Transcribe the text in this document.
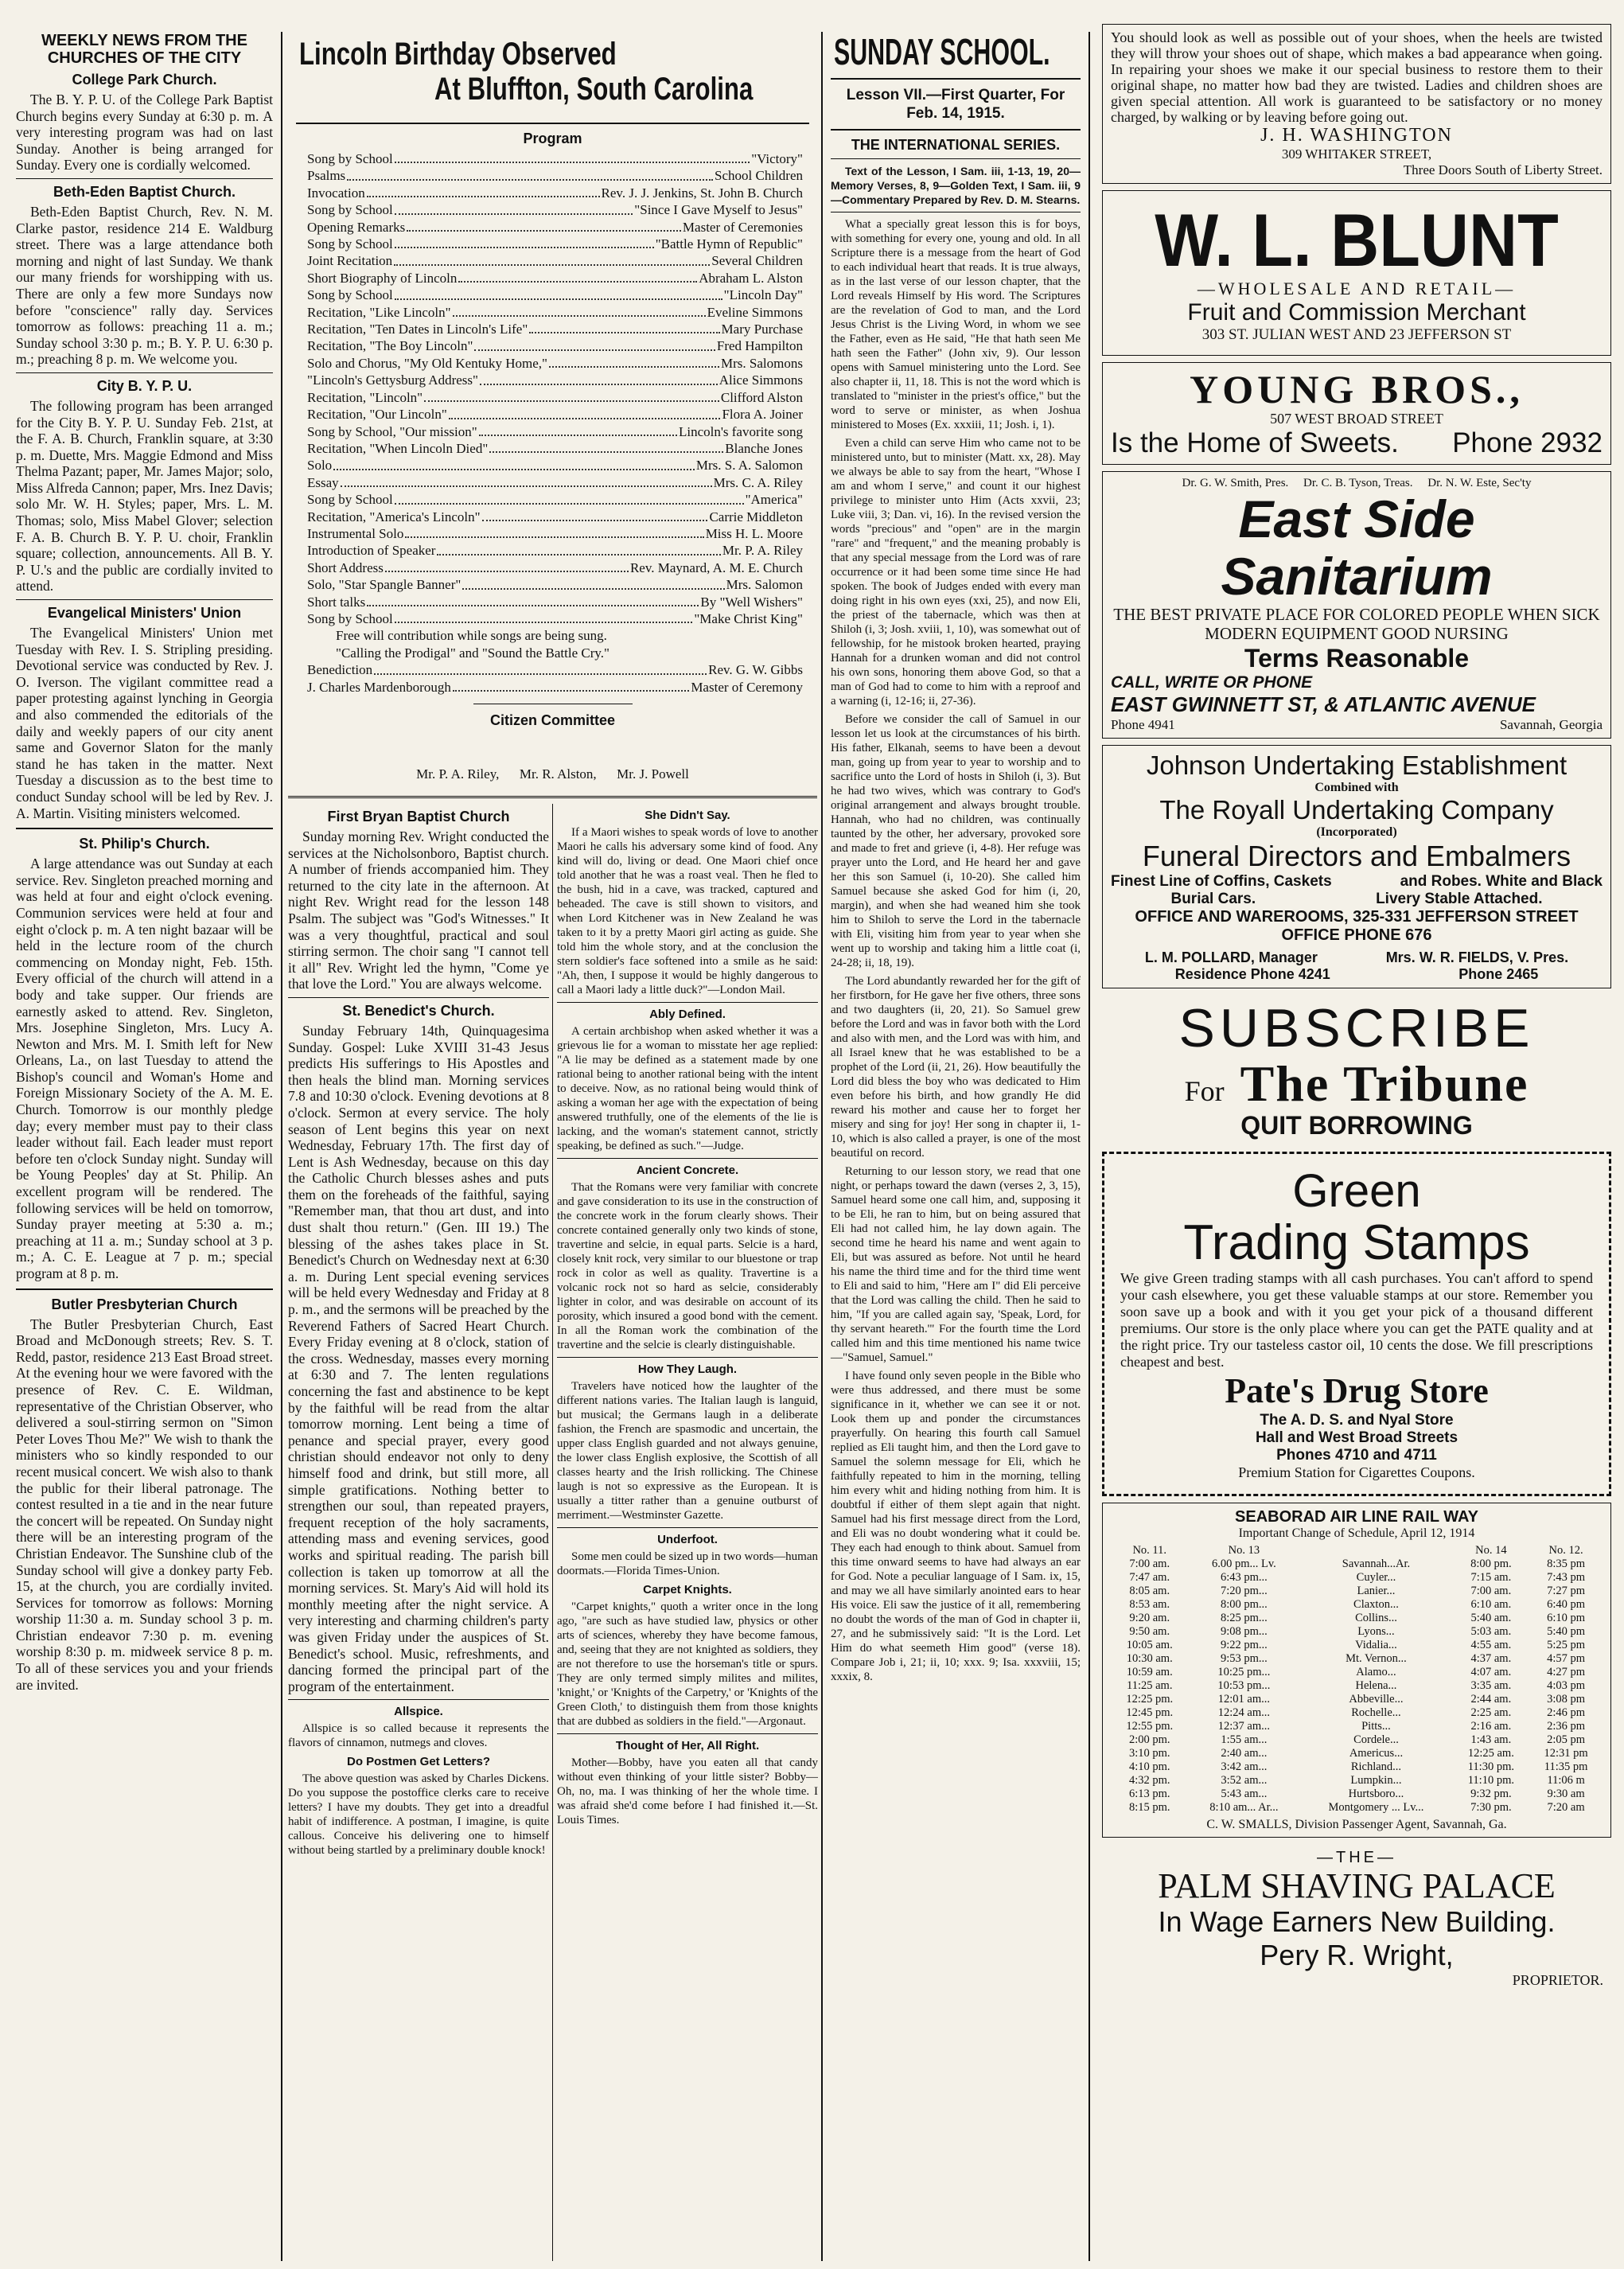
WEEKLY NEWS FROM THE
CHURCHES OF THE CITY
College Park Church.

The B. Y. P. U. of the College Park Baptist Church begins every Sunday at 6:30 p. m. A very interesting program was had on last Sunday. Another is being arranged for Sunday. Every one is cordially welcomed.

Beth-Eden Baptist Church.

Beth-Eden Baptist Church, Rev. N. M. Clarke pastor, residence 214 E. Waldburg street. There was a large attendance both morning and night of last Sunday. We thank our many friends for worshipping with us. There are only a few more Sundays now before "conscience" rally day. Services tomorrow as follows: preaching 11 a. m.; Sunday school 3:30 p. m.; B. Y. P. U. 6:30 p. m.; preaching 8 p. m. We welcome you.

City B. Y. P. U.

The following program has been arranged for the City B. Y. P. U. Sunday Feb. 21st, at the F. A. B. Church, Franklin square, at 3:30 p. m. Duette, Mrs. Maggie Edmond and Miss Thelma Pazant; paper, Mr. James Major; solo, Miss Alfreda Cannon; paper, Mrs. Inez Davis; solo Mr. W. H. Styles; paper, Mrs. L. M. Thomas; solo, Miss Mabel Glover; selection F. A. B. Church B. Y. P. U. choir, Franklin square; collection, announcements. All B. Y. P. U.'s and the public are cordially invited to attend.

Evangelical Ministers' Union

The Evangelical Ministers' Union met Tuesday with Rev. I. S. Stripling presiding. Devotional service was conducted by Rev. J. O. Iverson. The vigilant committee read a paper protesting against lynching in Georgia and also commended the editorials of the daily and weekly papers of our city anent same and Governor Slaton for the manly stand he has taken in the matter. Next Tuesday a discussion as to the best time to conduct Sunday school will be led by Rev. J. A. Martin. Visiting ministers welcomed.

St. Philip's Church.

A large attendance was out Sunday at each service. Rev. Singleton preached morning and was held at four and eight o'clock evening. Communion services were held at four and eight o'clock p. m. A ten night bazaar will be held in the lecture room of the church commencing on Monday night, Feb. 15th. Every official of the church will attend in a body and take supper. Our friends are earnestly asked to attend. Rev. Singleton, Mrs. Josephine Singleton, Mrs. Lucy A. Newton and Mrs. M. I. Smith left for New Orleans, La., on last Tuesday to attend the Bishop's council and Woman's Home and Foreign Missionary Society of the A. M. E. Church. Tomorrow is our monthly pledge day; every member must pay to their class leader without fail. Each leader must report before ten o'clock Sunday night. Sunday will be Young Peoples' day at St. Philip. An excellent program will be rendered. The following services will be held on tomorrow, Sunday prayer meeting at 5:30 a. m.; preaching at 11 a. m.; Sunday school at 3 p. m.; A. C. E. League at 7 p. m.; special program at 8 p. m.

Butler Presbyterian Church

The Butler Presbyterian Church, East Broad and McDonough streets; Rev. S. T. Redd, pastor, residence 213 East Broad street. At the evening hour we were favored with the presence of Rev. C. E. Wildman, representative of the Christian Observer, who delivered a soul-stirring sermon on "Simon Peter Loves Thou Me?" We wish to thank the ministers who so kindly responded to our recent musical concert. We wish also to thank the public for their liberal patronage. The contest resulted in a tie and in the near future the concert will be repeated. On Sunday night there will be an interesting program of the Christian Endeavor. The Sunshine club of the Sunday school will give a donkey party Feb. 15, at the church, you are cordially invited. Services for tomorrow as follows: Morning worship 11:30 a. m. Sunday school 3 p. m. Christian endeavor 7:30 p. m. evening worship 8:30 p. m. midweek service 8 p. m. To all of these services you and your friends are invited.

Lincoln Birthday Observed
At Bluffton, South Carolina
Program
Song by School	"Victory"
Psalms	School Children
Invocation	Rev. J. J. Jenkins, St. John B. Church
Song by School	"Since I Gave Myself to Jesus"
Opening Remarks	Master of Ceremonies
Song by School	"Battle Hymn of Republic"
Joint Recitation	Several Children
Short Biography of Lincoln	Abraham L. Alston
Song by School	"Lincoln Day"
Recitation, "Like Lincoln"	Eveline Simmons
Recitation, "Ten Dates in Lincoln's Life"	Mary Purchase
Recitation, "The Boy Lincoln"	Fred Hampilton
Solo and Chorus, "My Old Kentuky Home,"	Mrs. Salomons
"Lincoln's Gettysburg Address"	Alice Simmons
Recitation, "Lincoln"	Clifford Alston
Recitation, "Our Lincoln"	Flora A. Joiner
Song by School, "Our mission"	Lincoln's favorite song
Recitation, "When Lincoln Died"	Blanche Jones
Solo	Mrs. S. A. Salomon
Essay	Mrs. C. A. Riley
Song by School	"America"
Recitation, "America's Lincoln"	Carrie Middleton
Instrumental Solo	Miss H. L. Moore
Introduction of Speaker	Mr. P. A. Riley
Short Address	Rev. Maynard, A. M. E. Church
Solo, "Star Spangle Banner"	Mrs. Salomon
Short talks	By "Well Wishers"
Song by School	"Make Christ King"
Free will contribution while songs are being sung.
"Calling the Prodigal" and "Sound the Battle Cry."
Benediction	Rev. G. W. Gibbs
J. Charles Mardenborough	Master of Ceremony
Citizen Committee

Mr. P. A. Riley,      Mr. R. Alston,      Mr. J. Powell

First Bryan Baptist Church

Sunday morning Rev. Wright conducted the services at the Nicholsonboro, Baptist church. A number of friends accompanied him. They returned to the city late in the afternoon. At night Rev. Wright read for the lesson 148 Psalm. The subject was "God's Witnesses." It was a very thoughtful, practical and soul stirring sermon. The choir sang "I cannot tell it all" Rev. Wright led the hymn, "Come ye that love the Lord." You are always welcome.

St. Benedict's Church.

Sunday February 14th, Quinquagesima Sunday. Gospel: Luke XVIII 31-43 Jesus predicts His sufferings to His Apostles and then heals the blind man. Morning services 7.8 and 10:30 o'clock. Evening devotions at 8 o'clock. Sermon at every service. The holy season of Lent begins this year on next Wednesday, February 17th. The first day of Lent is Ash Wednesday, because on this day the Catholic Church blesses ashes and puts them on the foreheads of the faithful, saying "Remember man, that thou art dust, and into dust shalt thou return." (Gen. III 19.) The blessing of the ashes takes place in St. Benedict's Church on Wednesday next at 6:30 a. m. During Lent special evening services will be held every Wednesday and Friday at 8 p. m., and the sermons will be preached by the Reverend Fathers of Sacred Heart Church. Every Friday evening at 8 o'clock, station of the cross. Wednesday, masses every morning at 6:30 and 7. The lenten regulations concerning the fast and abstinence to be kept by the faithful will be read from the altar tomorrow morning. Lent being a time of penance and special prayer, every good christian should endeavor not only to deny himself food and drink, but still more, all simple gratifications. Nothing better to strengthen our soul, than repeated prayers, frequent reception of the holy sacraments, attending mass and evening services, good works and spiritual reading. The parish bill collection is taken up tomorrow at all the morning services. St. Mary's Aid will hold its monthly meeting after the night service. A very interesting and charming children's party was given Friday under the auspices of St. Benedict's school. Music, refreshments, and dancing formed the principal part of the program of the entertainment.

Allspice.

Allspice is so called because it represents the flavors of cinnamon, nutmegs and cloves.

Do Postmen Get Letters?

The above question was asked by Charles Dickens. Do you suppose the postoffice clerks care to receive letters? I have my doubts. They get into a dreadful habit of indifference. A postman, I imagine, is quite callous. Conceive his delivering one to himself without being startled by a preliminary double knock!

She Didn't Say.

If a Maori wishes to speak words of love to another Maori he calls his adversary some kind of food. Any kind will do, living or dead. One Maori chief once told another that he was a roast veal. Then he fled to the bush, hid in a cave, was tracked, captured and beheaded. The cave is still shown to visitors, and when Lord Kitchener was in New Zealand he was taken to it by a pretty Maori girl acting as guide. She told him the whole story, and at the conclusion the stern soldier's face softened into a smile as he said: "Ah, then, I suppose it would be highly dangerous to call a Maori lady a little duck?"—London Mail.

Ably Defined.

A certain archbishop when asked whether it was a grievous lie for a woman to misstate her age replied: "A lie may be defined as a statement made by one rational being to another rational being with the intent to deceive. Now, as no rational being would think of asking a woman her age with the expectation of being answered truthfully, one of the elements of the lie is lacking, and the woman's statement cannot, strictly speaking, be defined as such."—Judge.

Ancient Concrete.

That the Romans were very familiar with concrete and gave consideration to its use in the construction of the concrete work in the forum clearly shows. Their concrete contained generally only two kinds of stone, travertine and selcie, in equal parts. Selcie is a hard, closely knit rock, very similar to our bluestone or trap rock in color as well as quality. Travertine is a volcanic rock not so hard as selcie, considerably lighter in color, and was desirable on account of its porosity, which insured a good bond with the cement. In all the Roman work the combination of the travertine and the selcie is clearly distinguishable.

How They Laugh.

Travelers have noticed how the laughter of the different nations varies. The Italian laugh is languid, but musical; the Germans laugh in a deliberate fashion, the French are spasmodic and uncertain, the upper class English guarded and not always genuine, the lower class English explosive, the Scottish of all classes hearty and the Irish rollicking. The Chinese laugh is not so expressive as the European. It is usually a titter rather than a genuine outburst of merriment.—Westminster Gazette.

Underfoot.

Some men could be sized up in two words—human doormats.—Florida Times-Union.

Carpet Knights.

"Carpet knights," quoth a writer once in the long ago, "are such as have studied law, physics or other arts of sciences, whereby they have become famous, and, seeing that they are not knighted as soldiers, they are not therefore to use the horseman's title or spurs. They are only termed simply milites and milites, 'knight,' or 'Knights of the Carpetry,' or 'Knights of the Green Cloth,' to distinguish them from those knights that are dubbed as soldiers in the field."—Argonaut.

Thought of Her, All Right.

Mother—Bobby, have you eaten all that candy without even thinking of your little sister? Bobby—Oh, no, ma. I was thinking of her the whole time. I was afraid she'd come before I had finished it.—St. Louis Times.

SUNDAY SCHOOL.
Lesson VII.—First Quarter, For
Feb. 14, 1915.
THE INTERNATIONAL SERIES.

Text of the Lesson, I Sam. iii, 1-13, 19, 20—Memory Verses, 8, 9—Golden Text, I Sam. iii, 9—Commentary Prepared by Rev. D. M. Stearns.

What a specially great lesson this is for boys, with something for every one, young and old. In all Scripture there is a message from the heart of God to each individual heart that reads. It is true always, as in the last verse of our lesson chapter, that the Lord reveals Himself by His word. The Scriptures are the revelation of God to man, and the Lord Jesus Christ is the Living Word, in whom we see the Father, even as He said, "He that hath seen Me hath seen the Father" (John xiv, 9). Our lesson opens with Samuel ministering unto the Lord. See also chapter ii, 11, 18. This is not the word which is translated to "minister in the priest's office," but the word to serve or minister, as when Joshua ministered to Moses (Ex. xxxiii, 11; Josh. i, 1).

Even a child can serve Him who came not to be ministered unto, but to minister (Matt. xx, 28). May we always be able to say from the heart, "Whose I am and whom I serve," and count it our highest privilege to minister unto Him (Acts xxvii, 23; Luke viii, 3; Dan. vi, 16). In the revised version the words "precious" and "open" are in the margin "rare" and "frequent," and the meaning probably is that any special message from the Lord was of rare occurrence or it had been some time since He had spoken. The book of Judges ended with every man doing right in his own eyes (xxi, 25), and now Eli, the priest of the tabernacle, which was then at Shiloh (i, 3; Josh. xviii, 1, 10), was somewhat out of fellowship, for he mistook broken hearted, praying Hannah for a drunken woman and did not control his own sons, honoring them above God, so that a man of God had to come to him with a reproof and a warning (i, 12-16; ii, 27-36).

Before we consider the call of Samuel in our lesson let us look at the circumstances of his birth. His father, Elkanah, seems to have been a devout man, going up from year to year to worship and to sacrifice unto the Lord of hosts in Shiloh (i, 3). But he had two wives, which was contrary to God's original arrangement and always brought trouble. Hannah, who had no children, was continually taunted by the other, her adversary, provoked sore and made to fret and grieve (i, 4-8). Her refuge was prayer unto the Lord, and He heard her and gave her this son Samuel (i, 10-20). She called him Samuel because she asked God for him (i, 20, margin), and when she had weaned him she took him to Shiloh to serve the Lord in the tabernacle with Eli, visiting him from year to year when she went up to worship and taking him a little coat (i, 24-28; ii, 18, 19).

The Lord abundantly rewarded her for the gift of her firstborn, for He gave her five others, three sons and two daughters (ii, 20, 21). So Samuel grew before the Lord and was in favor both with the Lord and also with men, and the Lord was with him, and all Israel knew that he was established to be a prophet of the Lord (ii, 21, 26). How beautifully the Lord did bless the boy who was dedicated to Him even before his birth, and how grandly He did reward his mother and cause her to forget her misery and sing for joy! Her song in chapter ii, 1-10, which is also called a prayer, is one of the most beautiful on record.

Returning to our lesson story, we read that one night, or perhaps toward the dawn (verses 2, 3, 15), Samuel heard some one call him, and, supposing it to be Eli, he ran to him, but on being assured that Eli had not called him, he lay down again. The second time he heard his name and went again to Eli, but was assured as before. Not until he heard his name the third time and for the third time went to Eli and said to him, "Here am I" did Eli perceive that the Lord was calling the child. Then he said to him, "If you are called again say, 'Speak, Lord, for thy servant heareth.'" For the fourth time the Lord called him and this time mentioned his name twice—"Samuel, Samuel."

I have found only seven people in the Bible who were thus addressed, and there must be some significance in it, whether we can see it or not. Look them up and ponder the circumstances prayerfully. On hearing this fourth call Samuel replied as Eli taught him, and then the Lord gave to Samuel the solemn message for Eli, which he faithfully repeated to him in the morning, telling him every whit and hiding nothing from him. It is doubtful if either of them slept again that night. Samuel had his first message direct from the Lord, and Eli was no doubt wondering what it could be. They each had enough to think about. Samuel from this time onward seems to have had always an ear for God. Note a peculiar language of I Sam. ix, 15, and may we all have similarly anointed ears to hear His voice. Eli saw the justice of it all, remembering no doubt the words of the man of God in chapter ii, 27, and he submissively said: "It is the Lord. Let Him do what seemeth Him good" (verse 18). Compare Job i, 21; ii, 10; xxx. 9; Isa. xxxviii, 15; xxxix, 8.

You should look as well as possible out of your shoes, when the heels are twisted they will throw your shoes out of shape, which makes a bad appearance when going. In repairing your shoes we make it our special business to restore them to their original shape, no matter how bad they are twisted. Ladies and children shoes are given special attention. All work is guaranteed to be satisfactory or no money charged, by walking or by leaving before going out.
J. H. WASHINGTON
309 WHITAKER STREET,
Three Doors South of Liberty Street.
W. L. BLUNT
—WHOLESALE AND RETAIL—
Fruit and Commission Merchant
303 ST. JULIAN WEST AND 23 JEFFERSON ST
YOUNG BROS.,
507 WEST BROAD STREET
Is the Home of Sweets. Phone 2932
Dr. G. W. Smith, Pres.     Dr. C. B. Tyson, Treas.     Dr. N. W. Este, Sec'ty
East Side Sanitarium
THE BEST PRIVATE PLACE FOR COLORED PEOPLE WHEN SICK
MODERN EQUIPMENT GOOD NURSING
Terms Reasonable
CALL, WRITE OR PHONE
EAST GWINNETT ST, & ATLANTIC AVENUE
Phone 4941	Savannah, Georgia
Johnson Undertaking Establishment
Combined with
The Royall Undertaking Company
(Incorporated)
Funeral Directors and Embalmers
Finest Line of Coffins, Caskets	and Robes. White and Black
Burial Cars.	Livery Stable Attached.
OFFICE AND WAREROOMS, 325-331 JEFFERSON STREET
OFFICE PHONE 676
L. M. POLLARD, Manager	Mrs. W. R. FIELDS, V. Pres.
Residence Phone 4241	Phone 2465
SUBSCRIBE
For The Tribune
QUIT BORROWING
Green
Trading Stamps
We give Green trading stamps with all cash purchases. You can't afford to spend your cash elsewhere, you get these valuable stamps at our store. Remember you soon save up a book and with it you get your pick of a thousand different premiums. Our store is the only place where you can get the PATE quality and at the right price. Try our tasteless castor oil, 10 cents the dose. We fill prescriptions cheapest and best.
Pate's Drug Store
The A. D. S. and Nyal Store
Hall and West Broad Streets
Phones 4710 and 4711
Premium Station for Cigarettes Coupons.
SEABORAD AIR LINE RAIL WAY
Important Change of Schedule, April 12, 1914
No. 11.	No. 13		No. 14	No. 12.
7:00 am.	6.00 pm... Lv.	Savannah...Ar.	8:00 pm.	8:35 pm
7:47 am.	6:43 pm...	Cuyler...	7:15 am.	7:43 pm
8:05 am.	7:20 pm...	Lanier...	7:00 am.	7:27 pm
8:53 am.	8:00 pm...	Claxton...	6:10 am.	6:40 pm
9:20 am.	8:25 pm...	Collins...	5:40 am.	6:10 pm
9:50 am.	9:08 pm...	Lyons...	5:03 am.	5:40 pm
10:05 am.	9:22 pm...	Vidalia...	4:55 am.	5:25 pm
10:30 am.	9:53 pm...	Mt. Vernon...	4:37 am.	4:57 pm
10:59 am.	10:25 pm...	Alamo...	4:07 am.	4:27 pm
11:25 am.	10:53 pm...	Helena...	3:35 am.	4:03 pm
12:25 pm.	12:01 am...	Abbeville...	2:44 am.	3:08 pm
12:45 pm.	12:24 am...	Rochelle...	2:25 am.	2:46 pm
12:55 pm.	12:37 am...	Pitts...	2:16 am.	2:36 pm
2:00 pm.	1:55 am...	Cordele...	1:43 am.	2:05 pm
3:10 pm.	2:40 am...	Americus...	12:25 am.	12:31 pm
4:10 pm.	3:42 am...	Richland...	11:30 pm.	11:35 pm
4:32 pm.	3:52 am...	Lumpkin...	11:10 pm.	11:06 m
6:13 pm.	5:43 am...	Hurtsboro...	9:32 pm.	9:30 am
8:15 pm.	8:10 am... Ar...	Montgomery ... Lv...	7:30 pm.	7:20 am
C. W. SMALLS, Division Passenger Agent, Savannah, Ga.
—THE—
PALM SHAVING PALACE
In Wage Earners New Building.
Pery R. Wright,
PROPRIETOR.
